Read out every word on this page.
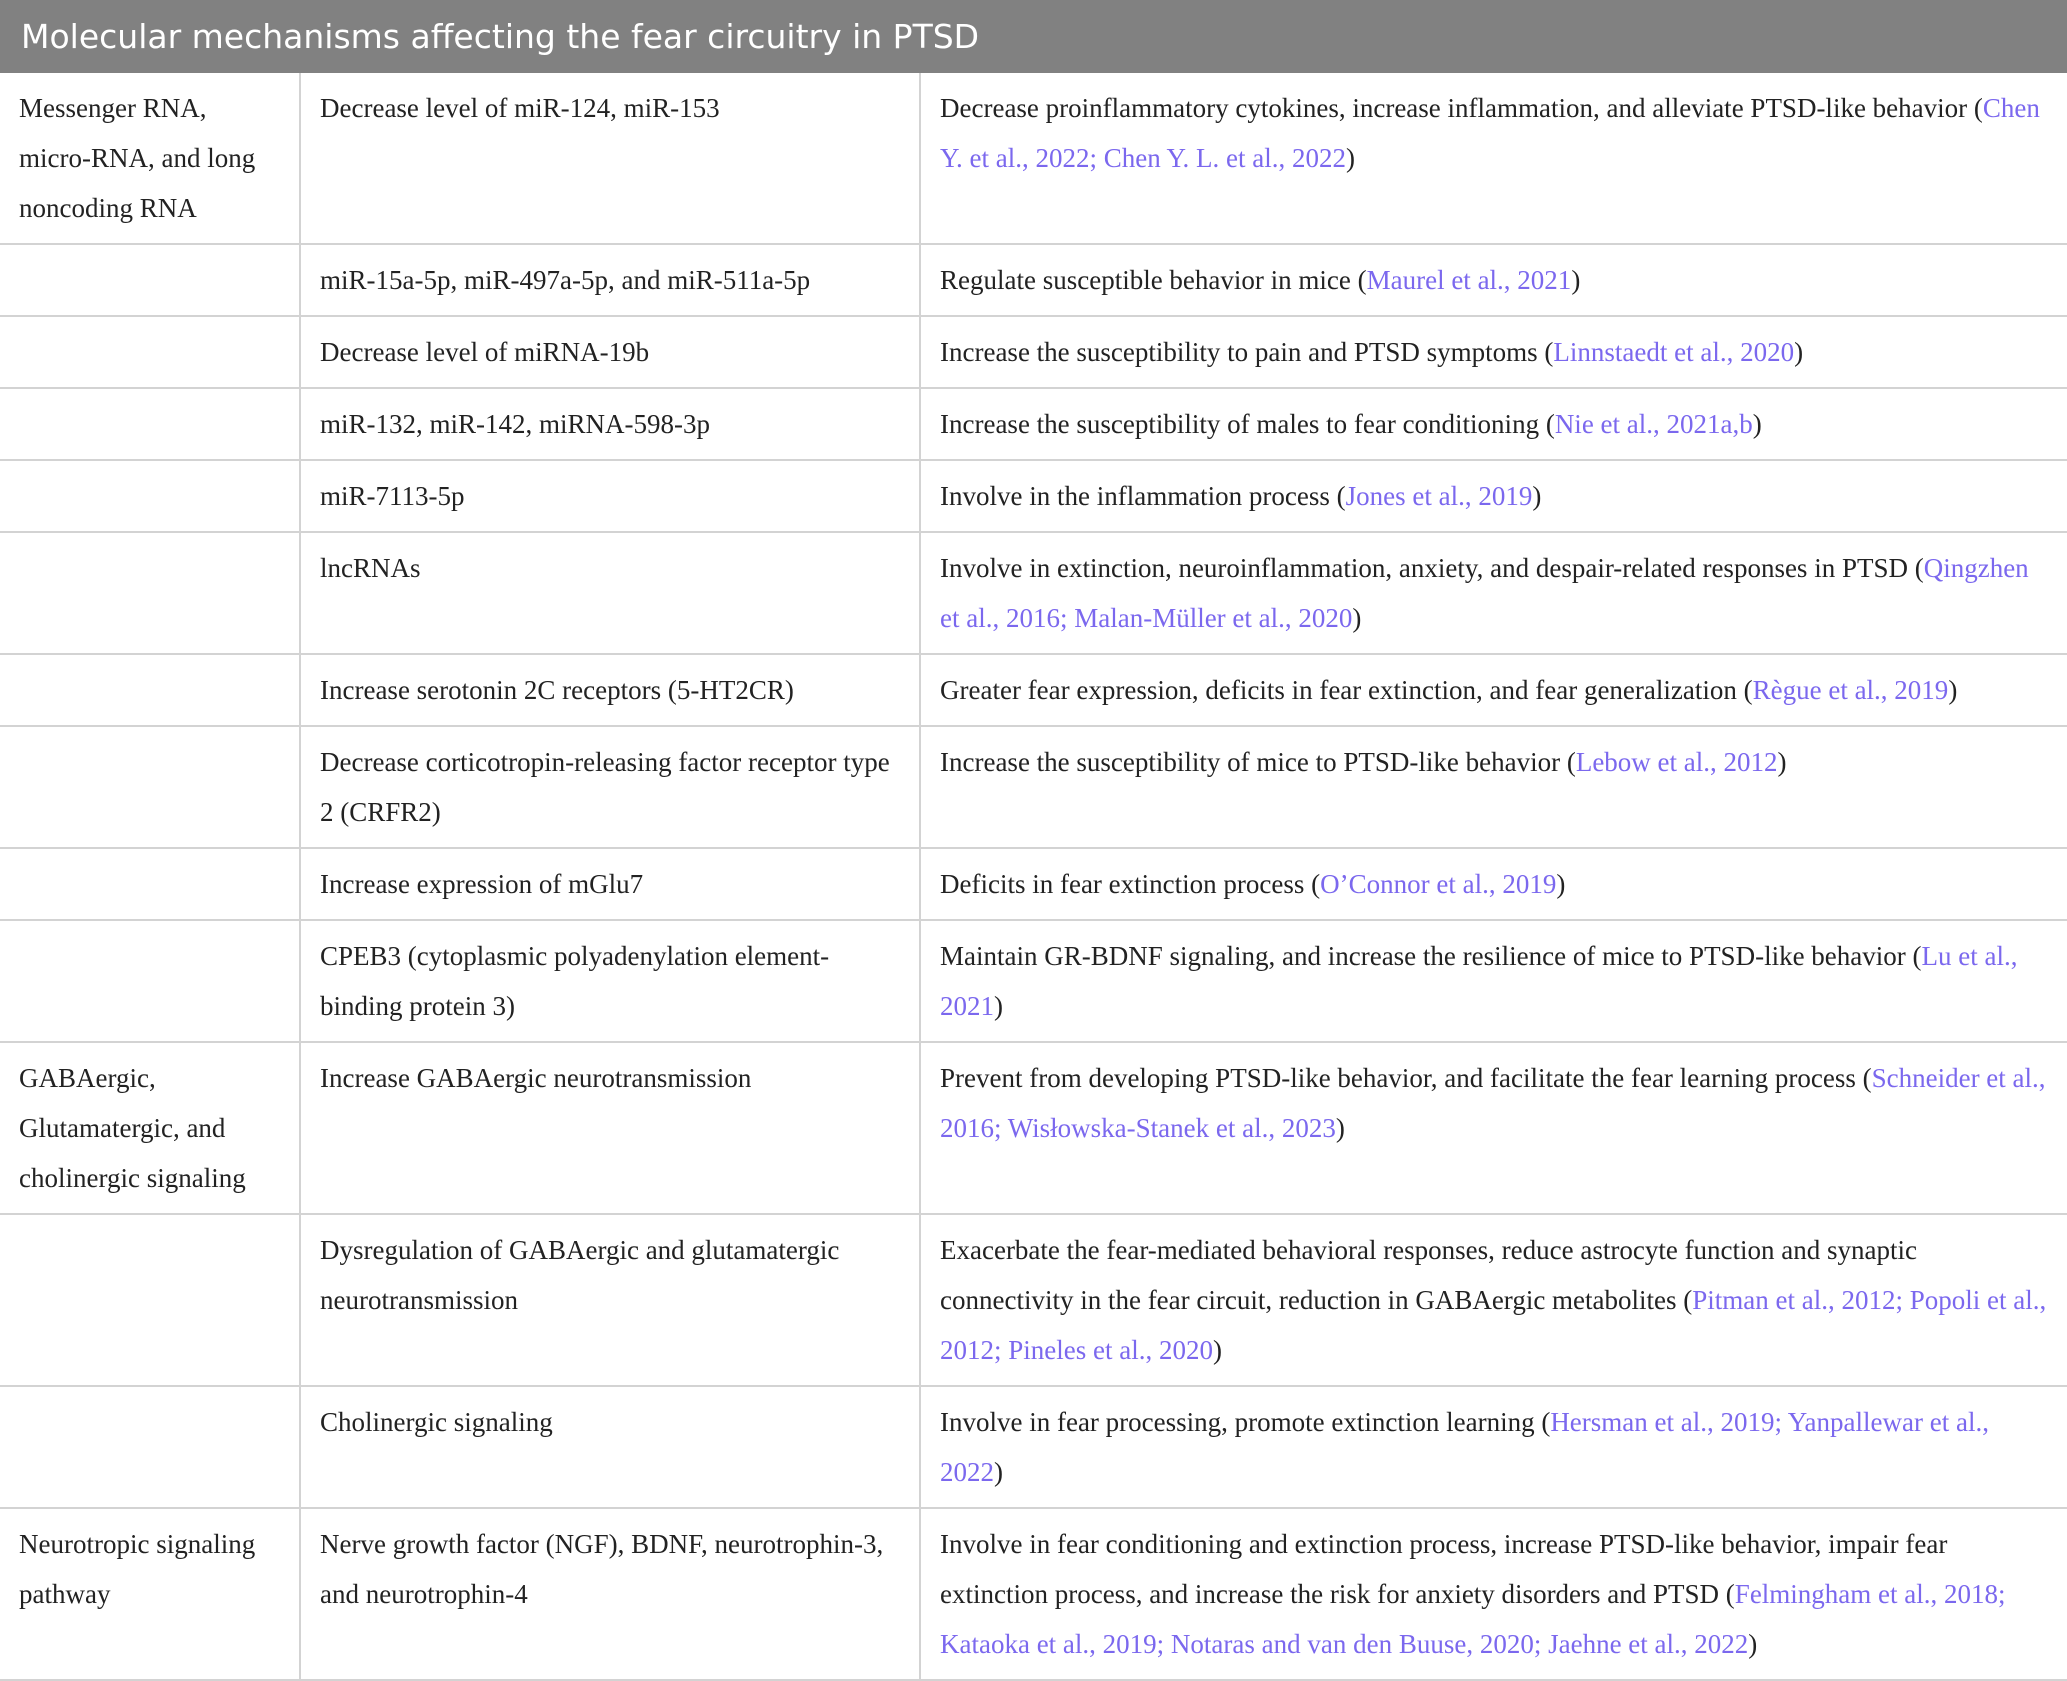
Molecular mechanisms affecting the fear circuitry in PTSD
Messenger RNA, micro-RNA, and long noncoding RNA	Decrease level of miR-124, miR-153	Decrease proinflammatory cytokines, increase inflammation, and alleviate PTSD-like behavior (Chen Y. et al., 2022; Chen Y. L. et al., 2022)
	miR-15a-5p, miR-497a-5p, and miR-511a-5p	Regulate susceptible behavior in mice (Maurel et al., 2021)
	Decrease level of miRNA-19b	Increase the susceptibility to pain and PTSD symptoms (Linnstaedt et al., 2020)
	miR-132, miR-142, miRNA-598-3p	Increase the susceptibility of males to fear conditioning (Nie et al., 2021a,b)
	miR-7113-5p	Involve in the inflammation process (Jones et al., 2019)
	lncRNAs	Involve in extinction, neuroinflammation, anxiety, and despair-related responses in PTSD (Qingzhen et al., 2016; Malan-Müller et al., 2020)
	Increase serotonin 2C receptors (5-HT2CR)	Greater fear expression, deficits in fear extinction, and fear generalization (Règue et al., 2019)
	Decrease corticotropin-releasing factor receptor type 2 (CRFR2)	Increase the susceptibility of mice to PTSD-like behavior (Lebow et al., 2012)
	Increase expression of mGlu7	Deficits in fear extinction process (O’Connor et al., 2019)
	CPEB3 (cytoplasmic polyadenylation element-binding protein 3)	Maintain GR-BDNF signaling, and increase the resilience of mice to PTSD-like behavior (Lu et al., 2021)
GABAergic, Glutamatergic, and cholinergic signaling	Increase GABAergic neurotransmission	Prevent from developing PTSD-like behavior, and facilitate the fear learning process (Schneider et al., 2016; Wisłowska-Stanek et al., 2023)
	Dysregulation of GABAergic and glutamatergic neurotransmission	Exacerbate the fear-mediated behavioral responses, reduce astrocyte function and synaptic connectivity in the fear circuit, reduction in GABAergic metabolites (Pitman et al., 2012; Popoli et al., 2012; Pineles et al., 2020)
	Cholinergic signaling	Involve in fear processing, promote extinction learning (Hersman et al., 2019; Yanpallewar et al., 2022)
Neurotropic signaling pathway	Nerve growth factor (NGF), BDNF, neurotrophin-3, and neurotrophin-4	Involve in fear conditioning and extinction process, increase PTSD-like behavior, impair fear extinction process, and increase the risk for anxiety disorders and PTSD (Felmingham et al., 2018; Kataoka et al., 2019; Notaras and van den Buuse, 2020; Jaehne et al., 2022)
